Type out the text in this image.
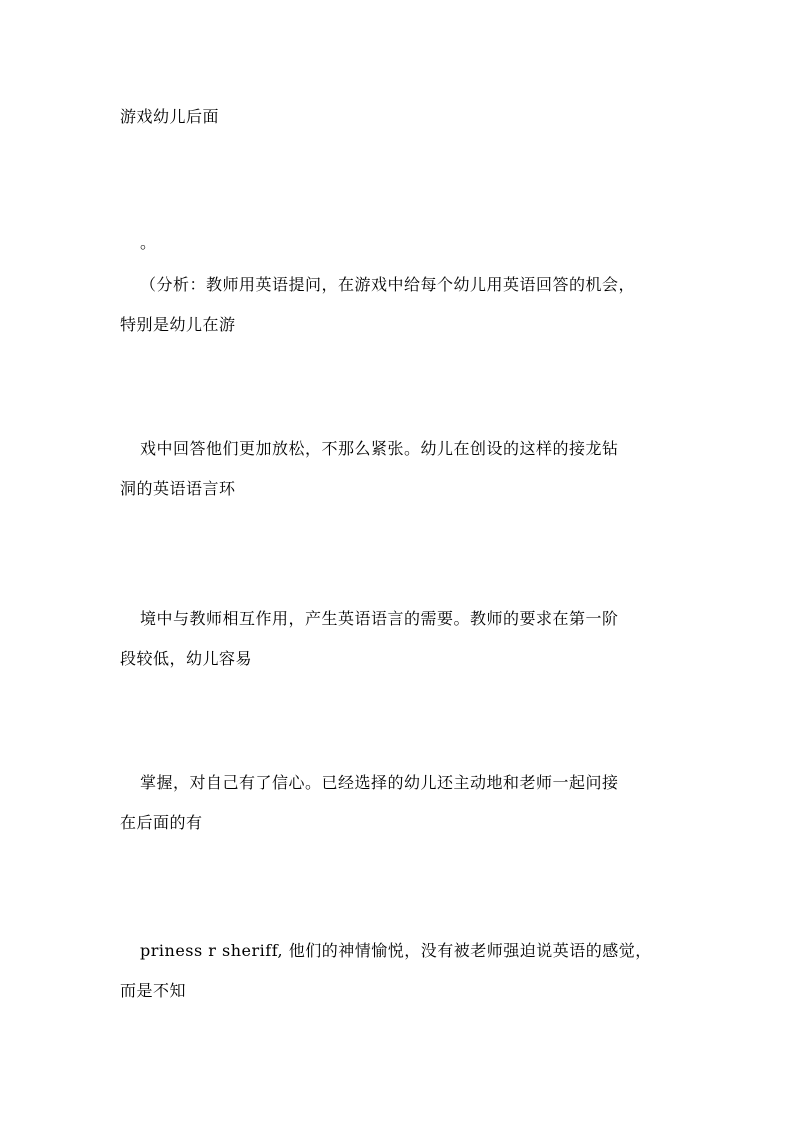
游戏幼儿后面
。
（分析：教师用英语提问，在游戏中给每个幼儿用英语回答的机会，
特别是幼儿在游
戏中回答他们更加放松，不那么紧张。幼儿在创设的这样的接龙钻
洞的英语语言环
境中与教师相互作用，产生英语语言的需要。教师的要求在第一阶
段较低，幼儿容易
掌握，对自己有了信心。已经选择的幼儿还主动地和老师一起问接
在后面的有
priness r sheriff, 他们的神情愉悦，没有被老师强迫说英语的感觉，
而是不知
